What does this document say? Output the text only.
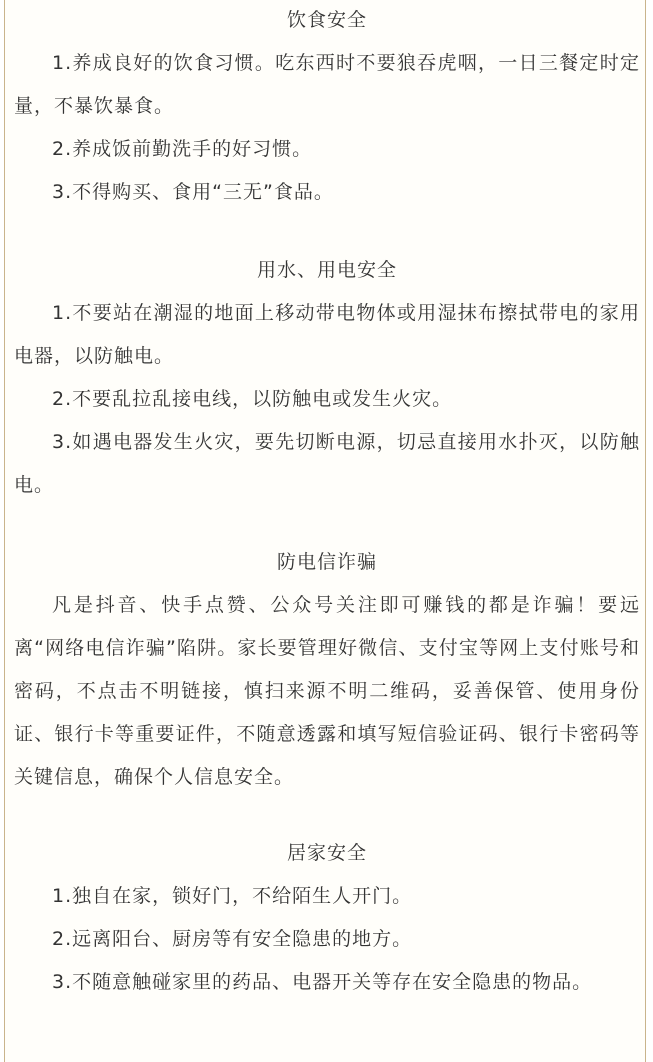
饮食安全

1.养成良好的饮食习惯。吃东西时不要狼吞虎咽，一日三餐定时定量，不暴饮暴食。

2.养成饭前勤洗手的好习惯。

3.不得购买、食用“三无”食品。

用水、用电安全

1.不要站在潮湿的地面上移动带电物体或用湿抹布擦拭带电的家用电器，以防触电。

2.不要乱拉乱接电线，以防触电或发生火灾。

3.如遇电器发生火灾，要先切断电源，切忌直接用水扑灭，以防触电。

防电信诈骗

凡是抖音、快手点赞、公众号关注即可赚钱的都是诈骗！要远离“网络电信诈骗”陷阱。家长要管理好微信、支付宝等网上支付账号和密码，不点击不明链接，慎扫来源不明二维码，妥善保管、使用身份证、银行卡等重要证件，不随意透露和填写短信验证码、银行卡密码等关键信息，确保个人信息安全。

居家安全

1.独自在家，锁好门，不给陌生人开门。

2.远离阳台、厨房等有安全隐患的地方。

3.不随意触碰家里的药品、电器开关等存在安全隐患的物品。
